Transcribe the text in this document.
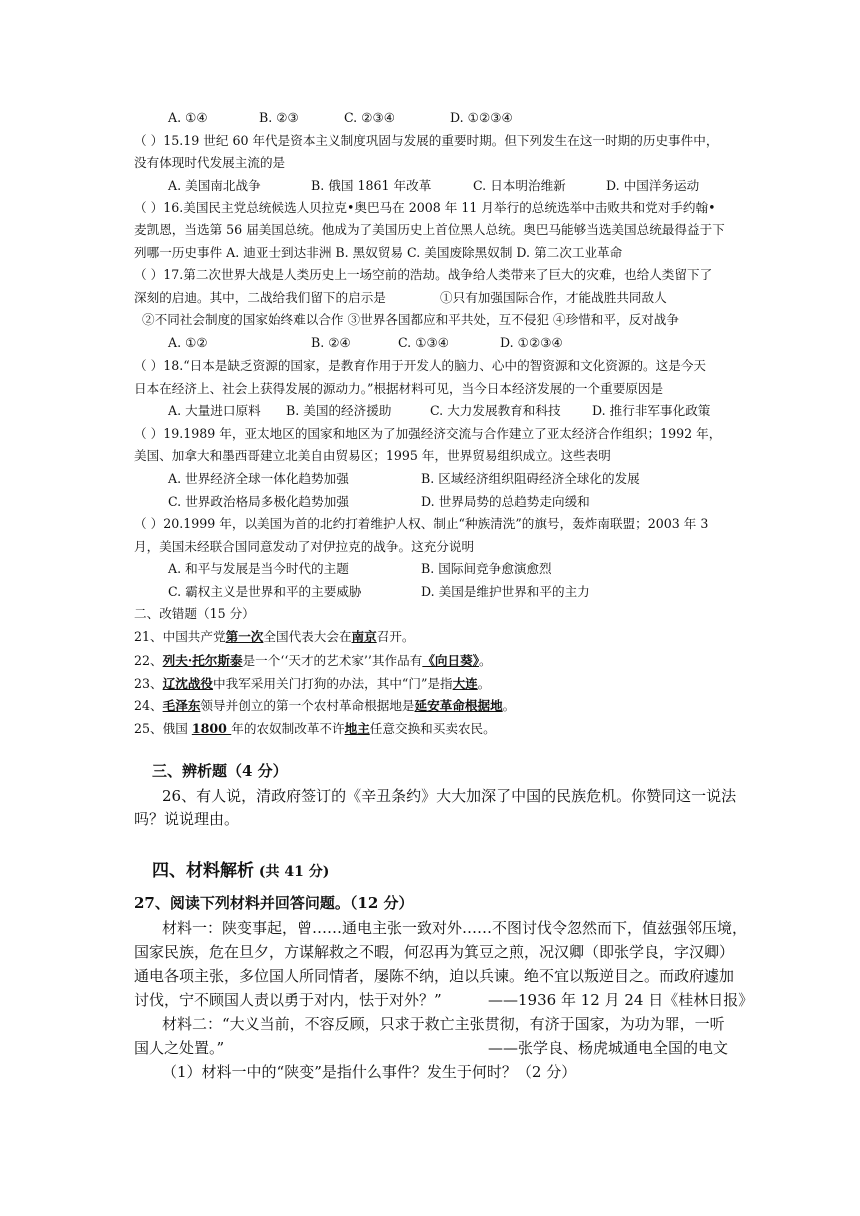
A. ①④	B. ②③	C. ②③④	D. ①②③④
（ ）15.19 世纪 60 年代是资本主义制度巩固与发展的重要时期。但下列发生在这一时期的历史事件中，
没有体现时代发展主流的是
A. 美国南北战争	B. 俄国 1861 年改革	C. 日本明治维新	D. 中国洋务运动
（ ）16.美国民主党总统候选人贝拉克•奥巴马在 2008 年 11 月举行的总统选举中击败共和党对手约翰•
麦凯恩，当选第 56 届美国总统。他成为了美国历史上首位黑人总统。奥巴马能够当选美国总统最得益于下
列哪一历史事件 A. 迪亚士到达非洲 B. 黑奴贸易 C. 美国废除黑奴制 D. 第二次工业革命
（ ）17.第二次世界大战是人类历史上一场空前的浩劫。战争给人类带来了巨大的灾难，也给人类留下了
深刻的启迪。其中，二战给我们留下的启示是	①只有加强国际合作，才能战胜共同敌人
②不同社会制度的国家始终难以合作 ③世界各国都应和平共处，互不侵犯 ④珍惜和平，反对战争
A. ①②	B. ②④	C. ①③④	D. ①②③④
（ ）18.“日本是缺乏资源的国家，是教育作用于开发人的脑力、心中的智资源和文化资源的。这是今天
日本在经济上、社会上获得发展的源动力。”根据材料可见，当今日本经济发展的一个重要原因是
A. 大量进口原料 B. 美国的经济援助	C. 大力发展教育和科技 D. 推行非军事化政策
（ ）19.1989 年，亚太地区的国家和地区为了加强经济交流与合作建立了亚太经济合作组织；1992 年，
美国、加拿大和墨西哥建立北美自由贸易区；1995 年，世界贸易组织成立。这些表明
A. 世界经济全球一体化趋势加强	B. 区域经济组织阻碍经济全球化的发展
C. 世界政治格局多极化趋势加强	D. 世界局势的总趋势走向缓和
（ ）20.1999 年，以美国为首的北约打着维护人权、制止“种族清洗”的旗号，轰炸南联盟；2003 年 3
月，美国未经联合国同意发动了对伊拉克的战争。这充分说明
A. 和平与发展是当今时代的主题	B. 国际间竞争愈演愈烈
C. 霸权主义是世界和平的主要威胁	D. 美国是维护世界和平的主力
二、改错题（15 分）
21、中国共产党第一次全国代表大会在南京召开。
22、列夫·托尔斯泰是一个‘‘天才的艺术家’’其作品有《向日葵》。
23、辽沈战役中我军采用关门打狗的办法，其中“门”是指大连。
24、毛泽东领导并创立的第一个农村革命根据地是延安革命根据地。
25、俄国 1800 年的农奴制改革不许地主任意交换和买卖农民。
三、辨析题（4 分）
26、有人说，清政府签订的《辛丑条约》大大加深了中国的民族危机。你赞同这一说法
吗？说说理由。
四、材料解析 (共 41 分)
27、阅读下列材料并回答问题。（12 分）
材料一：陕变事起，曾……通电主张一致对外……不图讨伐令忽然而下，值兹强邻压境，
国家民族，危在旦夕，方谋解救之不暇，何忍再为箕豆之煎，况汉卿（即张学良，字汉卿）
通电各项主张，多位国人所同情者，屡陈不纳，迫以兵谏。绝不宜以叛逆目之。而政府遽加
讨伐，宁不顾国人责以勇于对内，怯于对外？”	——1936 年 12 月 24 日《桂林日报》
材料二：“大义当前，不容反顾，只求于救亡主张贯彻，有济于国家，为功为罪，一听
国人之处置。”	——张学良、杨虎城通电全国的电文
（1）材料一中的“陕变”是指什么事件？发生于何时？（2 分）
